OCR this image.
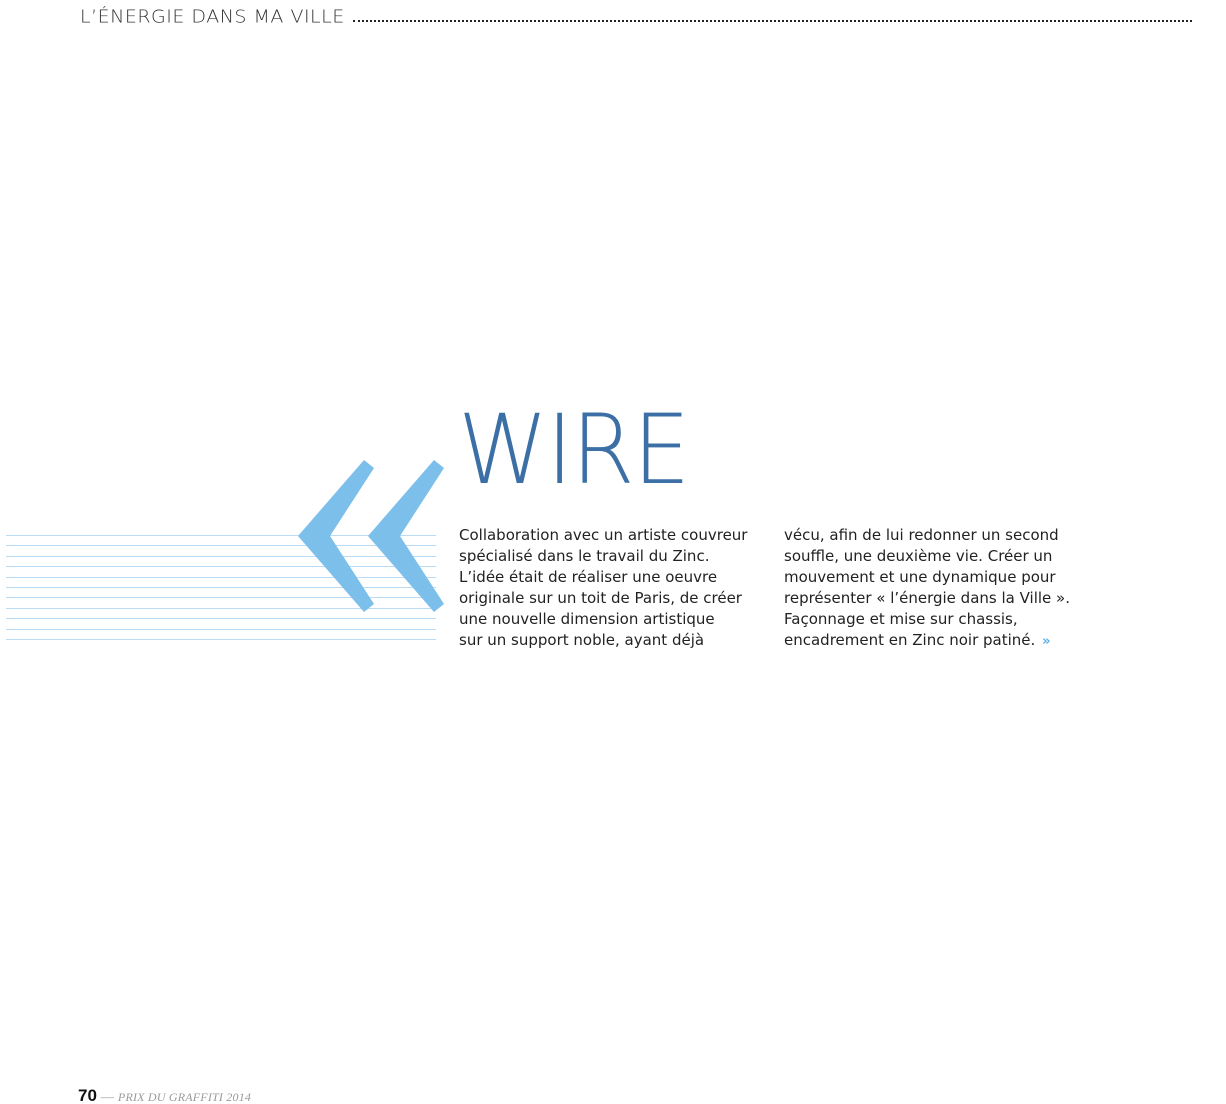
L’ÉNERGIE DANS MA VILLE
WIRE
Collaboration avec un artiste couvreur
spécialisé dans le travail du Zinc.
L’idée était de réaliser une oeuvre
originale sur un toit de Paris, de créer
une nouvelle dimension artistique
sur un support noble, ayant déjà
vécu, afin de lui redonner un second
souffle, une deuxième vie. Créer un
mouvement et une dynamique pour
représenter « l’énergie dans la Ville ».
Façonnage et mise sur chassis,
encadrement en Zinc noir patiné. »
70 — PRIX DU GRAFFITI 2014
